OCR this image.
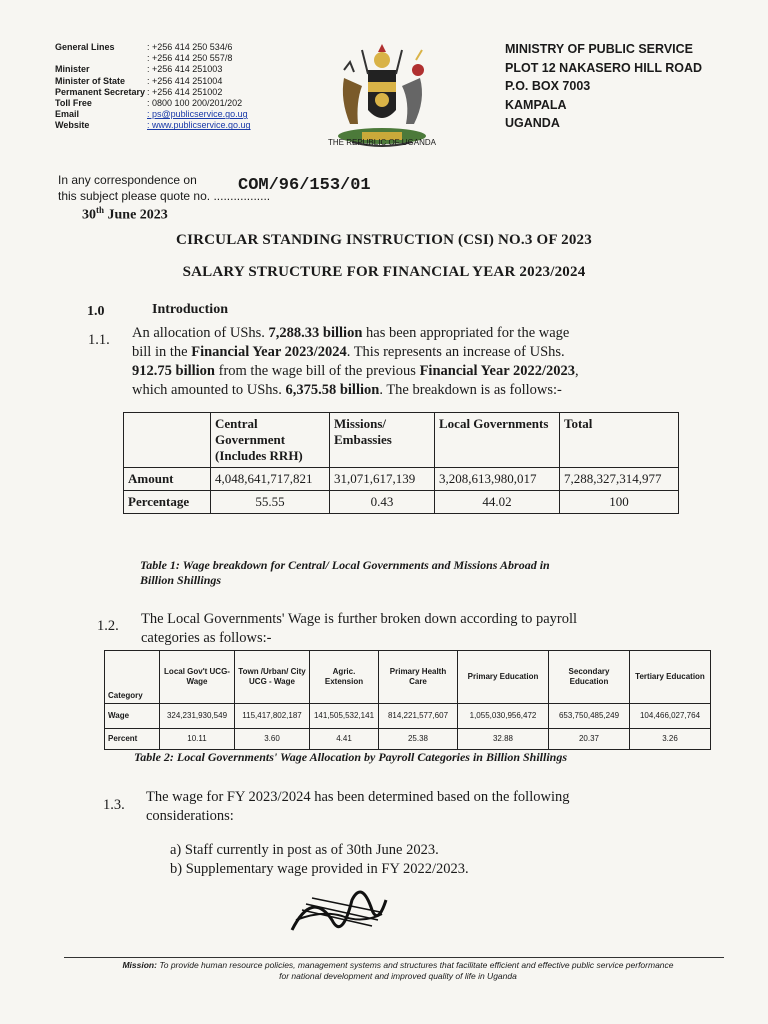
General Lines	: +256 414 250 534/6
: +256 414 250 557/8
Minister	: +256 414 251003
Minister of State	: +256 414 251004
Permanent Secretary : +256 414 251002
Toll Free	: 0800 100 200/201/202
Email	: ps@publicservice.go.ug
Website	: www.publicservice.go.ug
THE REPUBLIC OF UGANDA
MINISTRY OF PUBLIC SERVICE
PLOT 12 NAKASERO HILL ROAD
P.O. BOX 7003
KAMPALA
UGANDA
In any correspondence on
this subject please quote no. .................
COM/96/153/01
30th June 2023
CIRCULAR STANDING INSTRUCTION (CSI) NO.3 OF 2023
SALARY STRUCTURE FOR FINANCIAL YEAR 2023/2024
1.0	Introduction
1.1. An allocation of UShs. 7,288.33 billion has been appropriated for the wage
bill in the Financial Year 2023/2024. This represents an increase of UShs.
912.75 billion from the wage bill of the previous Financial Year 2022/2023,
which amounted to UShs. 6,375.58 billion. The breakdown is as follows:-
	Central Government (Includes RRH)	Missions/ Embassies	Local Governments	Total
Amount	4,048,641,717,821	31,071,617,139	3,208,613,980,017	7,288,327,314,977
Percentage	55.55	0.43	44.02	100
Table 1: Wage breakdown for Central/ Local Governments and Missions Abroad in
Billion Shillings
1.2. The Local Governments' Wage is further broken down according to payroll
categories as follows:-
Category	Local Gov't UCG- Wage	Town /Urban/ City UCG - Wage	Agric. Extension	Primary Health Care	Primary Education	Secondary Education	Tertiary Education
Wage	324,231,930,549	115,417,802,187	141,505,532,141	814,221,577,607	1,055,030,956,472	653,750,485,249	104,466,027,764
Percent	10.11	3.60	4.41	25.38	32.88	20.37	3.26
Table 2: Local Governments' Wage Allocation by Payroll Categories in Billion Shillings
1.3. The wage for FY 2023/2024 has been determined based on the following
considerations:
a) Staff currently in post as of 30th June 2023.
b) Supplementary wage provided in FY 2022/2023.
Mission: To provide human resource policies, management systems and structures that facilitate efficient and effective public service performance
for national development and improved quality of life in Uganda
